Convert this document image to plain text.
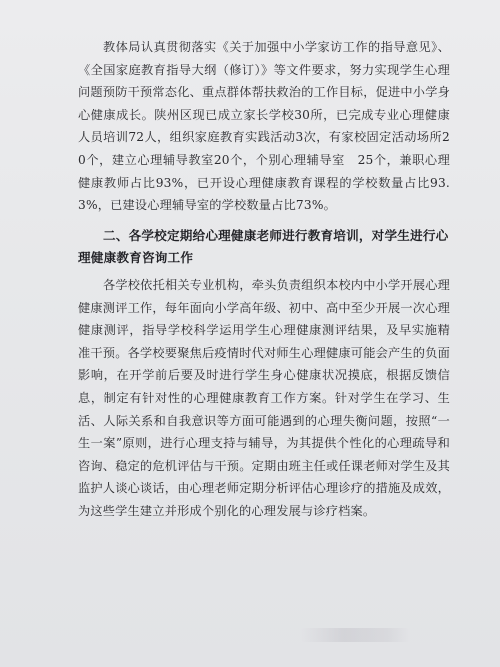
教体局认真贯彻落实《关于加强中小学家访工作的指导意见》、《全国家庭教育指导大纲（修订）》等文件要求，努力实现学生心理问题预防干预常态化、重点群体帮扶救治的工作目标，促进中小学身心健康成长。陕州区现已成立家长学校30所，已完成专业心理健康人员培训72人，组织家庭教育实践活动3次，有家校固定活动场所20个，建立心理辅导教室20个，个别心理辅导室　25个，兼职心理健康教师占比93%，已开设心理健康教育课程的学校数量占比93.3%，已建设心理辅导室的学校数量占比73%。

二、各学校定期给心理健康老师进行教育培训，对学生进行心理健康教育咨询工作

各学校依托相关专业机构，牵头负责组织本校内中小学开展心理健康测评工作，每年面向小学高年级、初中、高中至少开展一次心理健康测评，指导学校科学运用学生心理健康测评结果，及早实施精　准干预。各学校要聚焦后疫情时代对师生心理健康可能会产生的负面影响，在开学前后要及时进行学生身心健康状况摸底，根据反馈信息，制定有针对性的心理健康教育工作方案。针对学生在学习、生活、人际关系和自我意识等方面可能遇到的心理失衡问题，按照“一生一案”原则，进行心理支持与辅导，为其提供个性化的心理疏导和咨询、稳定的危机评估与干预。定期由班主任或任课老师对学生及其监护人谈心谈话，由心理老师定期分析评估心理诊疗的措施及成效，为这些学生建立并形成个别化的心理发展与诊疗档案。
